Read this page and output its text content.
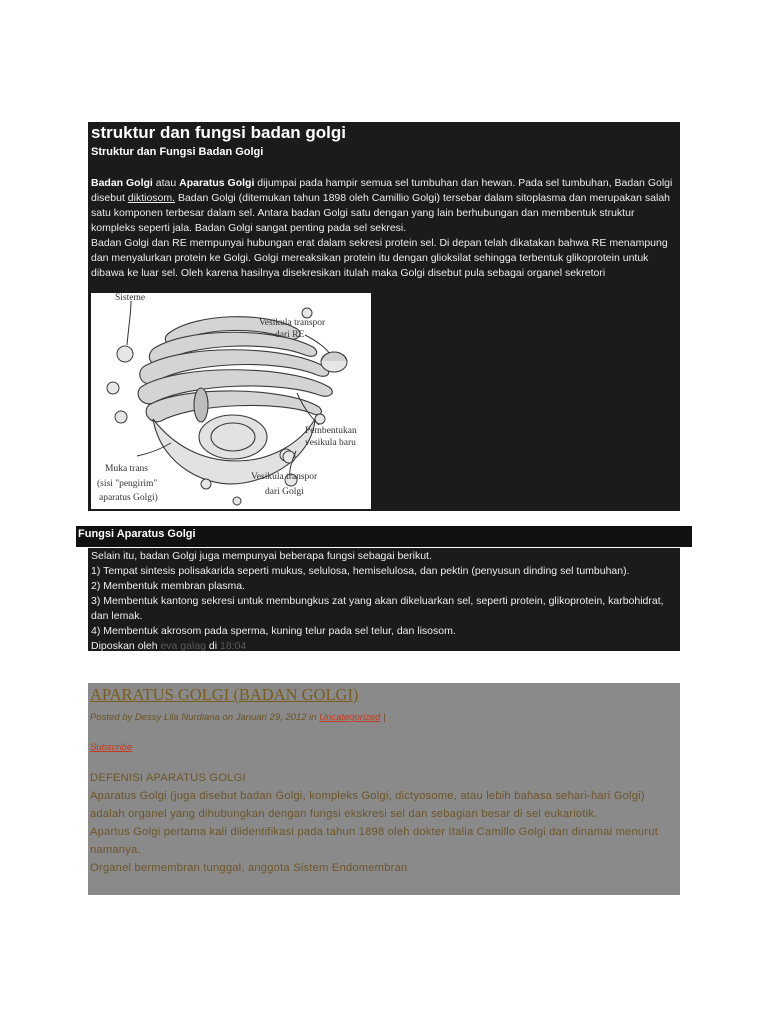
struktur dan fungsi badan golgi
Struktur dan Fungsi Badan Golgi

Badan Golgi atau Aparatus Golgi dijumpai pada hampir semua sel tumbuhan dan hewan. Pada sel tumbuhan, Badan Golgi disebut diktiosom. Badan Golgi (ditemukan tahun 1898 oleh Camillio Golgi) tersebar dalam sitoplasma dan merupakan salah satu komponen terbesar dalam sel. Antara badan Golgi satu dengan yang lain berhubungan dan membentuk struktur kompleks seperti jala. Badan Golgi sangat penting pada sel sekresi.

Badan Golgi dan RE mempunyai hubungan erat dalam sekresi protein sel. Di depan telah dikatakan bahwa RE menampung dan menyalurkan protein ke Golgi. Golgi mereaksikan protein itu dengan glioksilat sehingga terbentuk glikoprotein untuk dibawa ke luar sel. Oleh karena hasilnya disekresikan itulah maka Golgi disebut pula sebagai organel sekretori

Sisteme
Vesikula transpor
dari RE
Pembentukan
vesikula baru
Muka trans
(sisi "pengirim"
aparatus Golgi)
Vesikula transpor
dari Golgi
Fungsi Aparatus Golgi

Selain itu, badan Golgi juga mempunyai beberapa fungsi sebagai berikut.

1) Tempat sintesis polisakarida seperti mukus, selulosa, hemiselulosa, dan pektin (penyusun dinding sel tumbuhan).

2) Membentuk membran plasma.

3) Membentuk kantong sekresi untuk membungkus zat yang akan dikeluarkan sel, seperti protein, glikoprotein, karbohidrat, dan lemak.

4) Membentuk akrosom pada sperma, kuning telur pada sel telur, dan lisosom.

Diposkan oleh eva galag di 18:04

APARATUS GOLGI (BADAN GOLGI)
Posted by Dessy Lila Nurdiana on Januari 29, 2012 in Uncategorized |
Subscribe

DEFENISI APARATUS GOLGI

Aparatus Golgi (juga disebut badan Golgi, kompleks Golgi, dictyosome, atau lebih bahasa sehari-hari Golgi) adalah organel yang dihubungkan dengan fungsi ekskresi sel dan sebagian besar di sel eukariotik.

Apartus Golgi pertama kali diidentifikasi pada tahun 1898 oleh dokter Italia Camillo Golgi dan dinamai menurut namanya.

Organel bermembran tunggal, anggota Sistem Endomembran
